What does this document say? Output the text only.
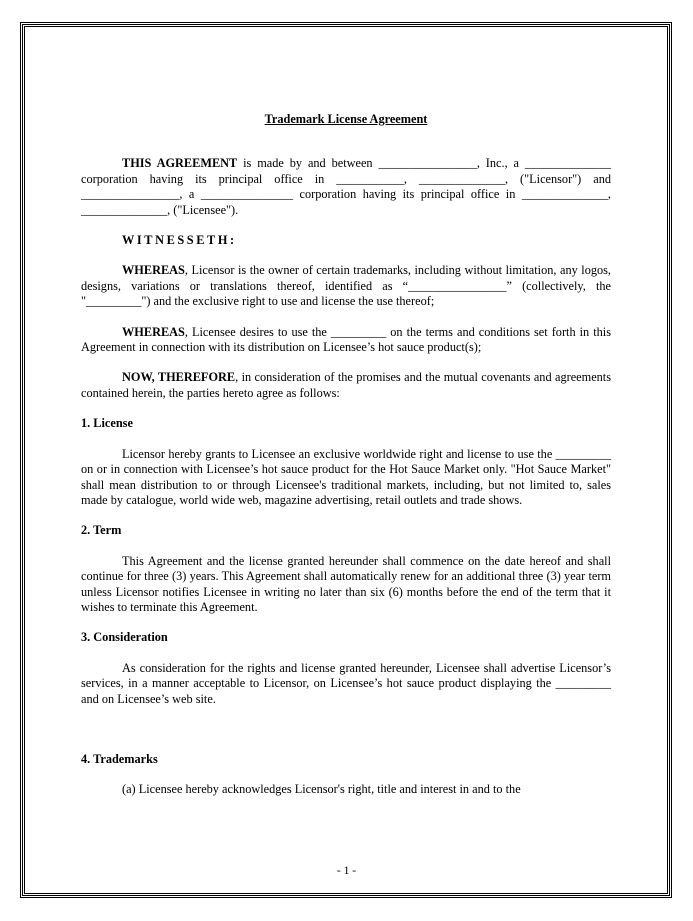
Trademark License Agreement

THIS AGREEMENT is made by and between ________________, Inc., a ______________ corporation having its principal office in ___________, ______________, ("Licensor") and ________________, a _______________ corporation having its principal office in ______________, ______________, ("Licensee").

WITNESSETH:

WHEREAS, Licensor is the owner of certain trademarks, including without limitation, any logos, designs, variations or translations thereof, identified as “________________” (collectively, the "_________") and the exclusive right to use and license the use thereof;

WHEREAS, Licensee desires to use the _________ on the terms and conditions set forth in this Agreement in connection with its distribution on Licensee’s hot sauce product(s);

NOW, THEREFORE, in consideration of the promises and the mutual covenants and agreements contained herein, the parties hereto agree as follows:

1. License

Licensor hereby grants to Licensee an exclusive worldwide right and license to use the _________ on or in connection with Licensee’s hot sauce product for the Hot Sauce Market only. "Hot Sauce Market" shall mean distribution to or through Licensee's traditional markets, including, but not limited to, sales made by catalogue, world wide web, magazine advertising, retail outlets and trade shows.

2. Term

This Agreement and the license granted hereunder shall commence on the date hereof and shall continue for three (3) years. This Agreement shall automatically renew for an additional three (3) year term unless Licensor notifies Licensee in writing no later than six (6) months before the end of the term that it wishes to terminate this Agreement.

3. Consideration

As consideration for the rights and license granted hereunder, Licensee shall advertise Licensor’s services, in a manner acceptable to Licensor, on Licensee’s hot sauce product displaying the _________ and on Licensee’s web site.

4. Trademarks

(a) Licensee hereby acknowledges Licensor's right, title and interest in and to the

- 1 -
